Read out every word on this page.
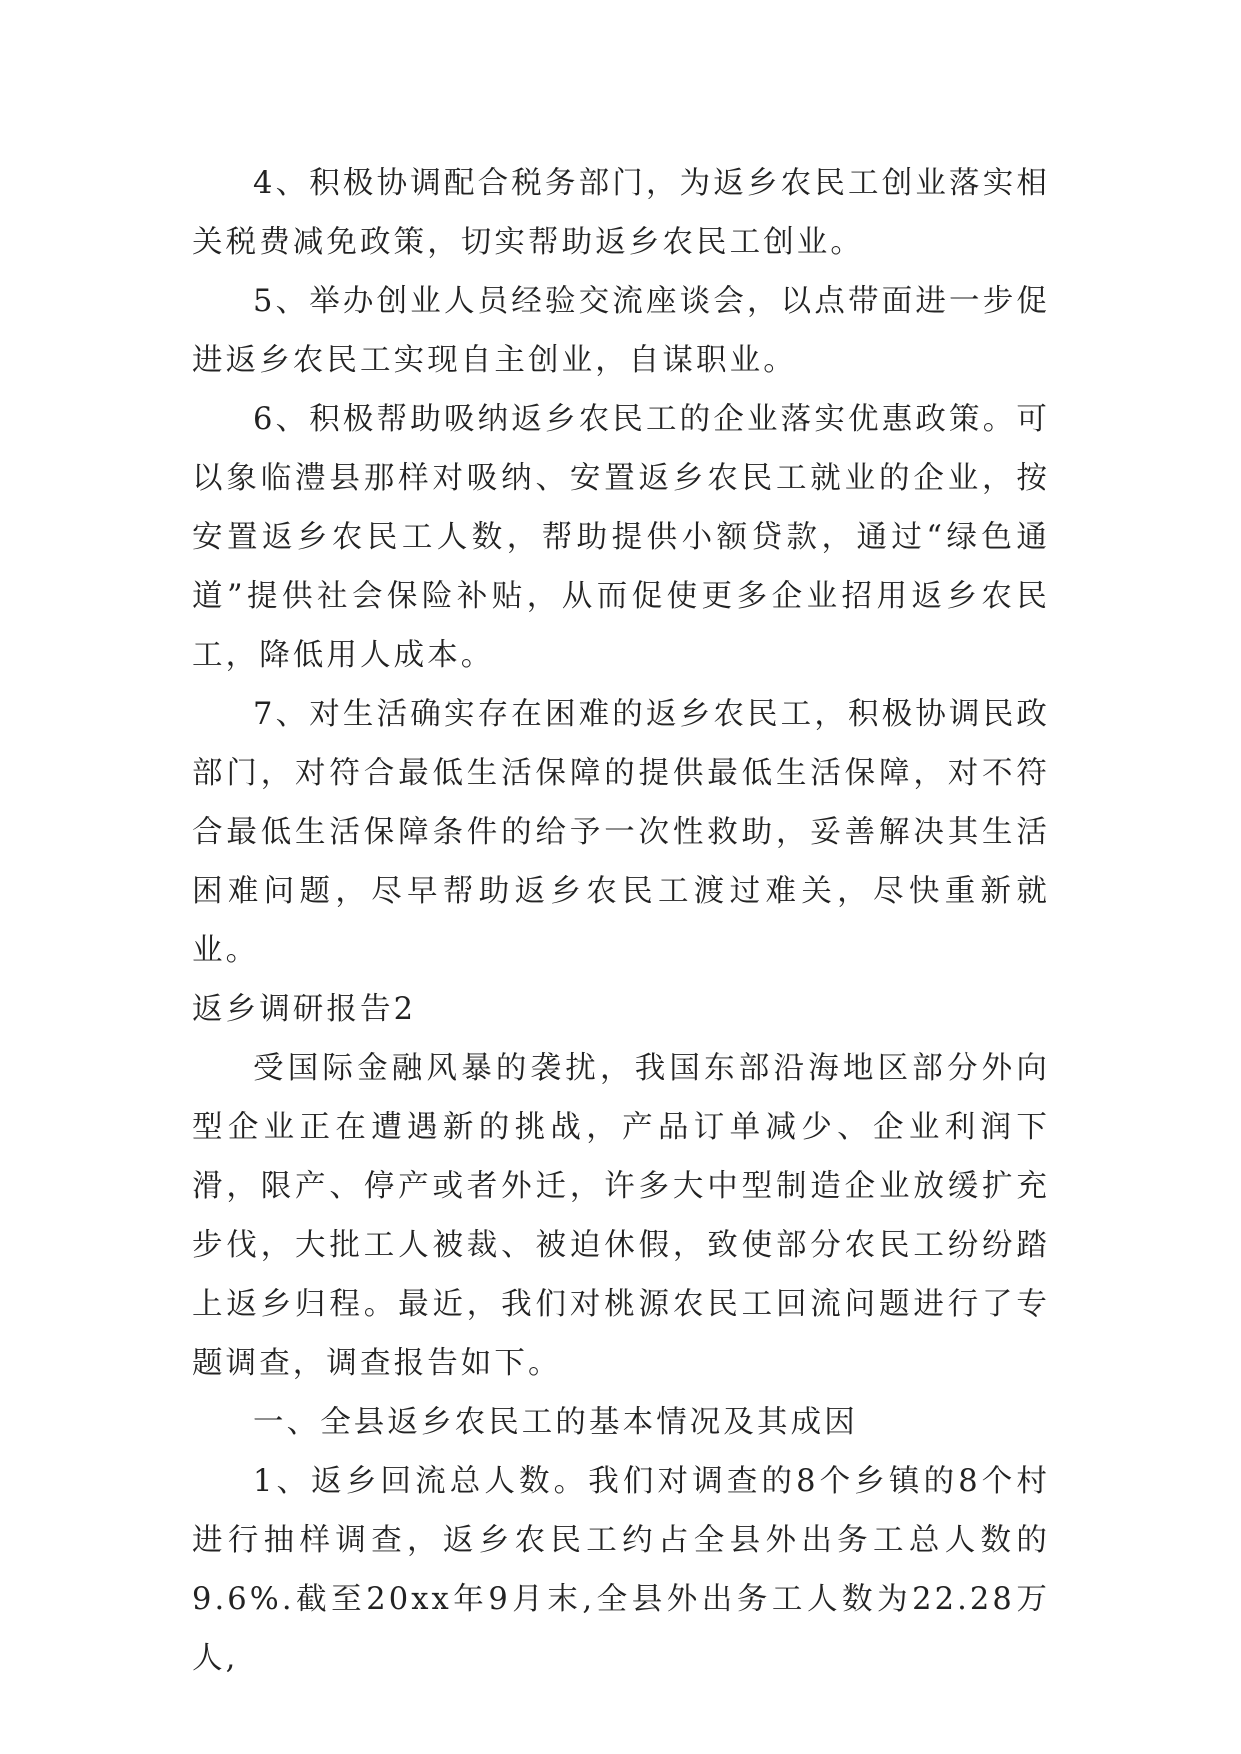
4、积极协调配合税务部门，为返乡农民工创业落实相关税费减免政策，切实帮助返乡农民工创业。

5、举办创业人员经验交流座谈会，以点带面进一步促进返乡农民工实现自主创业，自谋职业。

6、积极帮助吸纳返乡农民工的企业落实优惠政策。可以象临澧县那样对吸纳、安置返乡农民工就业的企业，按安置返乡农民工人数，帮助提供小额贷款，通过“绿色通道”提供社会保险补贴，从而促使更多企业招用返乡农民工，降低用人成本。

7、对生活确实存在困难的返乡农民工，积极协调民政部门，对符合最低生活保障的提供最低生活保障，对不符合最低生活保障条件的给予一次性救助，妥善解决其生活困难问题，尽早帮助返乡农民工渡过难关，尽快重新就业。

返乡调研报告2

受国际金融风暴的袭扰，我国东部沿海地区部分外向型企业正在遭遇新的挑战，产品订单减少、企业利润下滑，限产、停产或者外迁，许多大中型制造企业放缓扩充步伐，大批工人被裁、被迫休假，致使部分农民工纷纷踏上返乡归程。最近，我们对桃源农民工回流问题进行了专题调查，调查报告如下。

一、全县返乡农民工的基本情况及其成因

1、返乡回流总人数。我们对调查的8个乡镇的8个村进行抽样调查，返乡农民工约占全县外出务工总人数的9.6%.截至20xx年9月末,全县外出务工人数为22.28万人,
